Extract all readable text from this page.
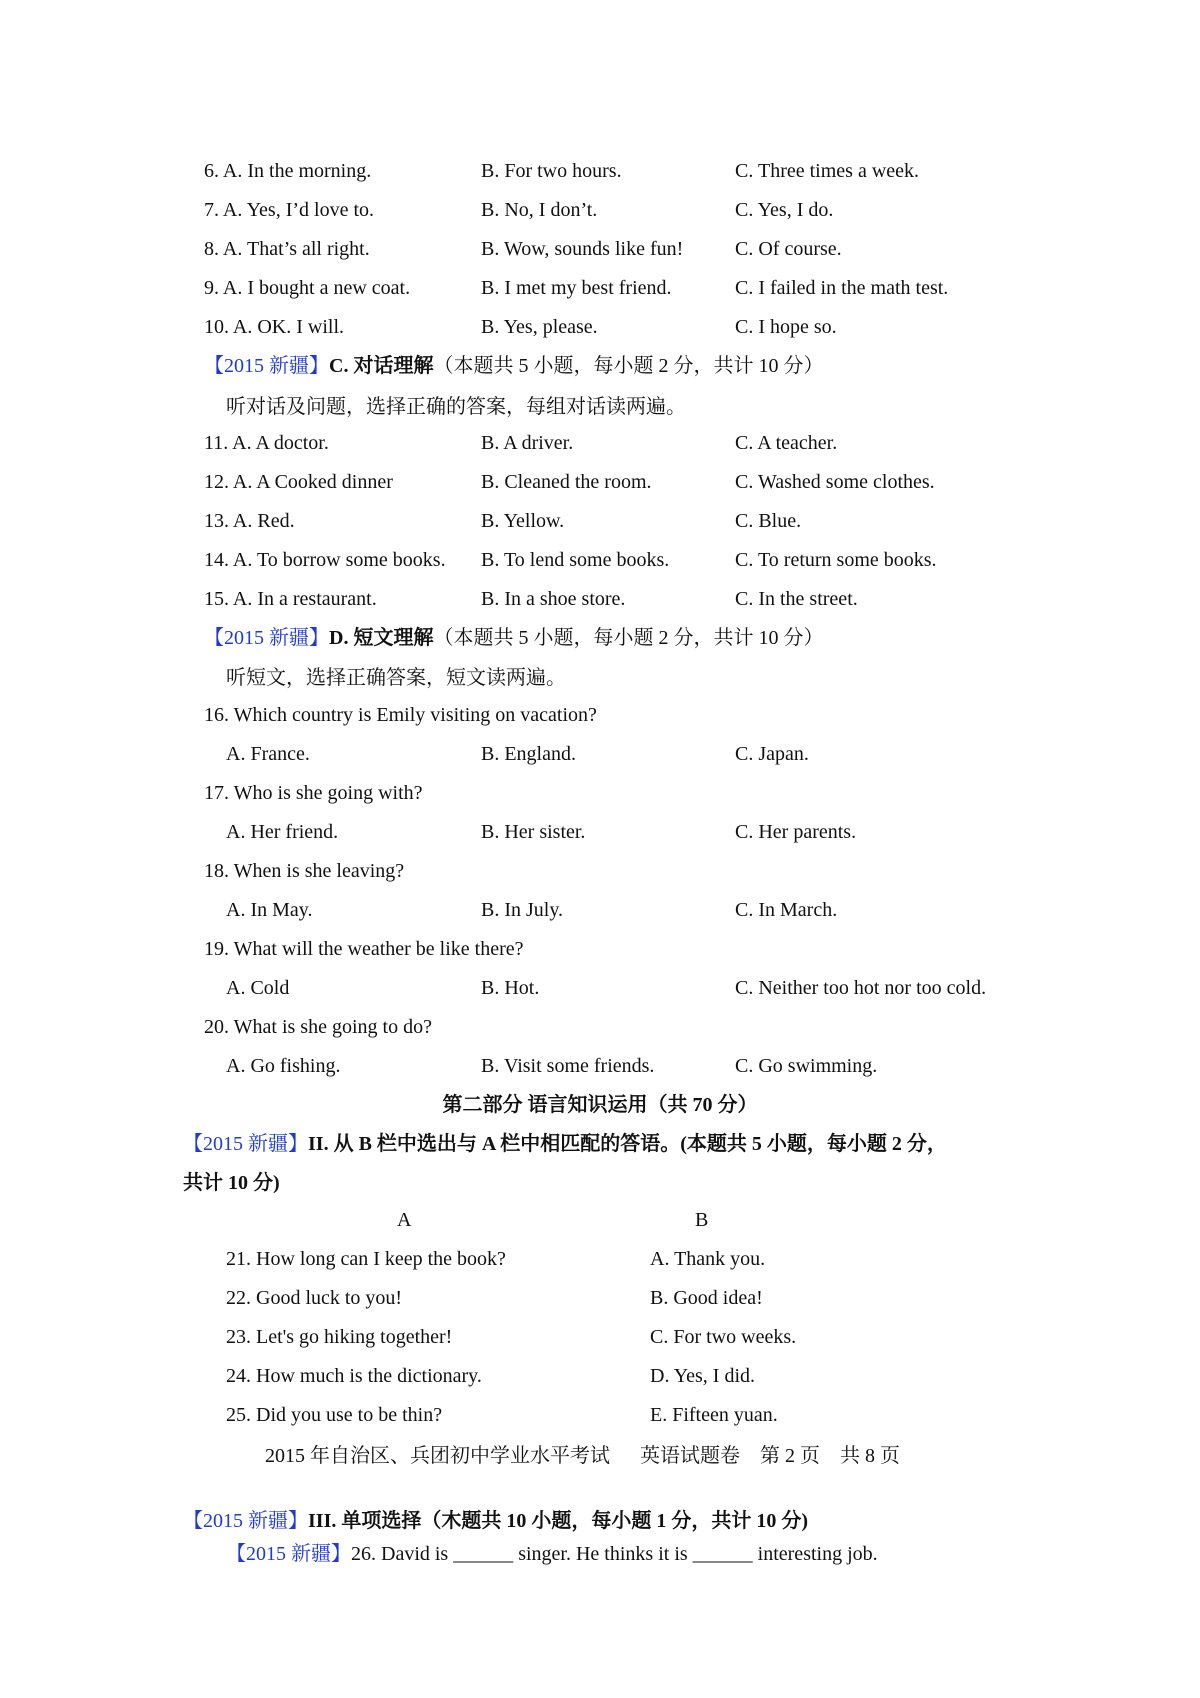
6. A. In the morning.	B. For two hours.	C. Three times a week.
7. A. Yes, I’d love to.	B. No, I don’t.	C. Yes, I do.
8. A. That’s all right.	B. Wow, sounds like fun!	C. Of course.
9. A. I bought a new coat.	B. I met my best friend.	C. I failed in the math test.
10. A. OK. I will.	B. Yes, please.	C. I hope so.
【2015 新疆】C. 对话理解（本题共 5 小题，每小题 2 分，共计 10 分）
听对话及问题，选择正确的答案，每组对话读两遍。
11. A. A doctor.	B. A driver.	C. A teacher.
12. A. A Cooked dinner	B. Cleaned the room.	C. Washed some clothes.
13. A. Red.	B. Yellow.	C. Blue.
14. A. To borrow some books. B. To lend some books.	C. To return some books.
15. A. In a restaurant.	B. In a shoe store.	C. In the street.
【2015 新疆】D. 短文理解（本题共 5 小题，每小题 2 分，共计 10 分）
听短文，选择正确答案，短文读两遍。
16. Which country is Emily visiting on vacation?
A. France.	B. England.	C. Japan.
17. Who is she going with?
A. Her friend.	B. Her sister.	C. Her parents.
18. When is she leaving?
A. In May.	B. In July.	C. In March.
19. What will the weather be like there?
A. Cold	B. Hot.	C. Neither too hot nor too cold.
20. What is she going to do?
A. Go fishing.	B. Visit some friends.	C. Go swimming.
第二部分 语言知识运用（共 70 分）
【2015 新疆】II. 从 B 栏中选出与 A 栏中相匹配的答语。(本题共 5 小题，每小题 2 分，
共计 10 分)
A	B
21. How long can I keep the book?	A. Thank you.
22. Good luck to you!	B. Good idea!
23. Let's go hiking together!	C. For two weeks.
24. How much is the dictionary.	D. Yes, I did.
25. Did you use to be thin?	E. Fifteen yuan.
2015 年自治区、兵团初中学业水平考试      英语试题卷    第 2 页    共 8 页
【2015 新疆】III. 单项选择（木题共 10 小题，每小题 1 分，共计 10 分)
【2015 新疆】26. David is ______ singer. He thinks it is ______ interesting job.
